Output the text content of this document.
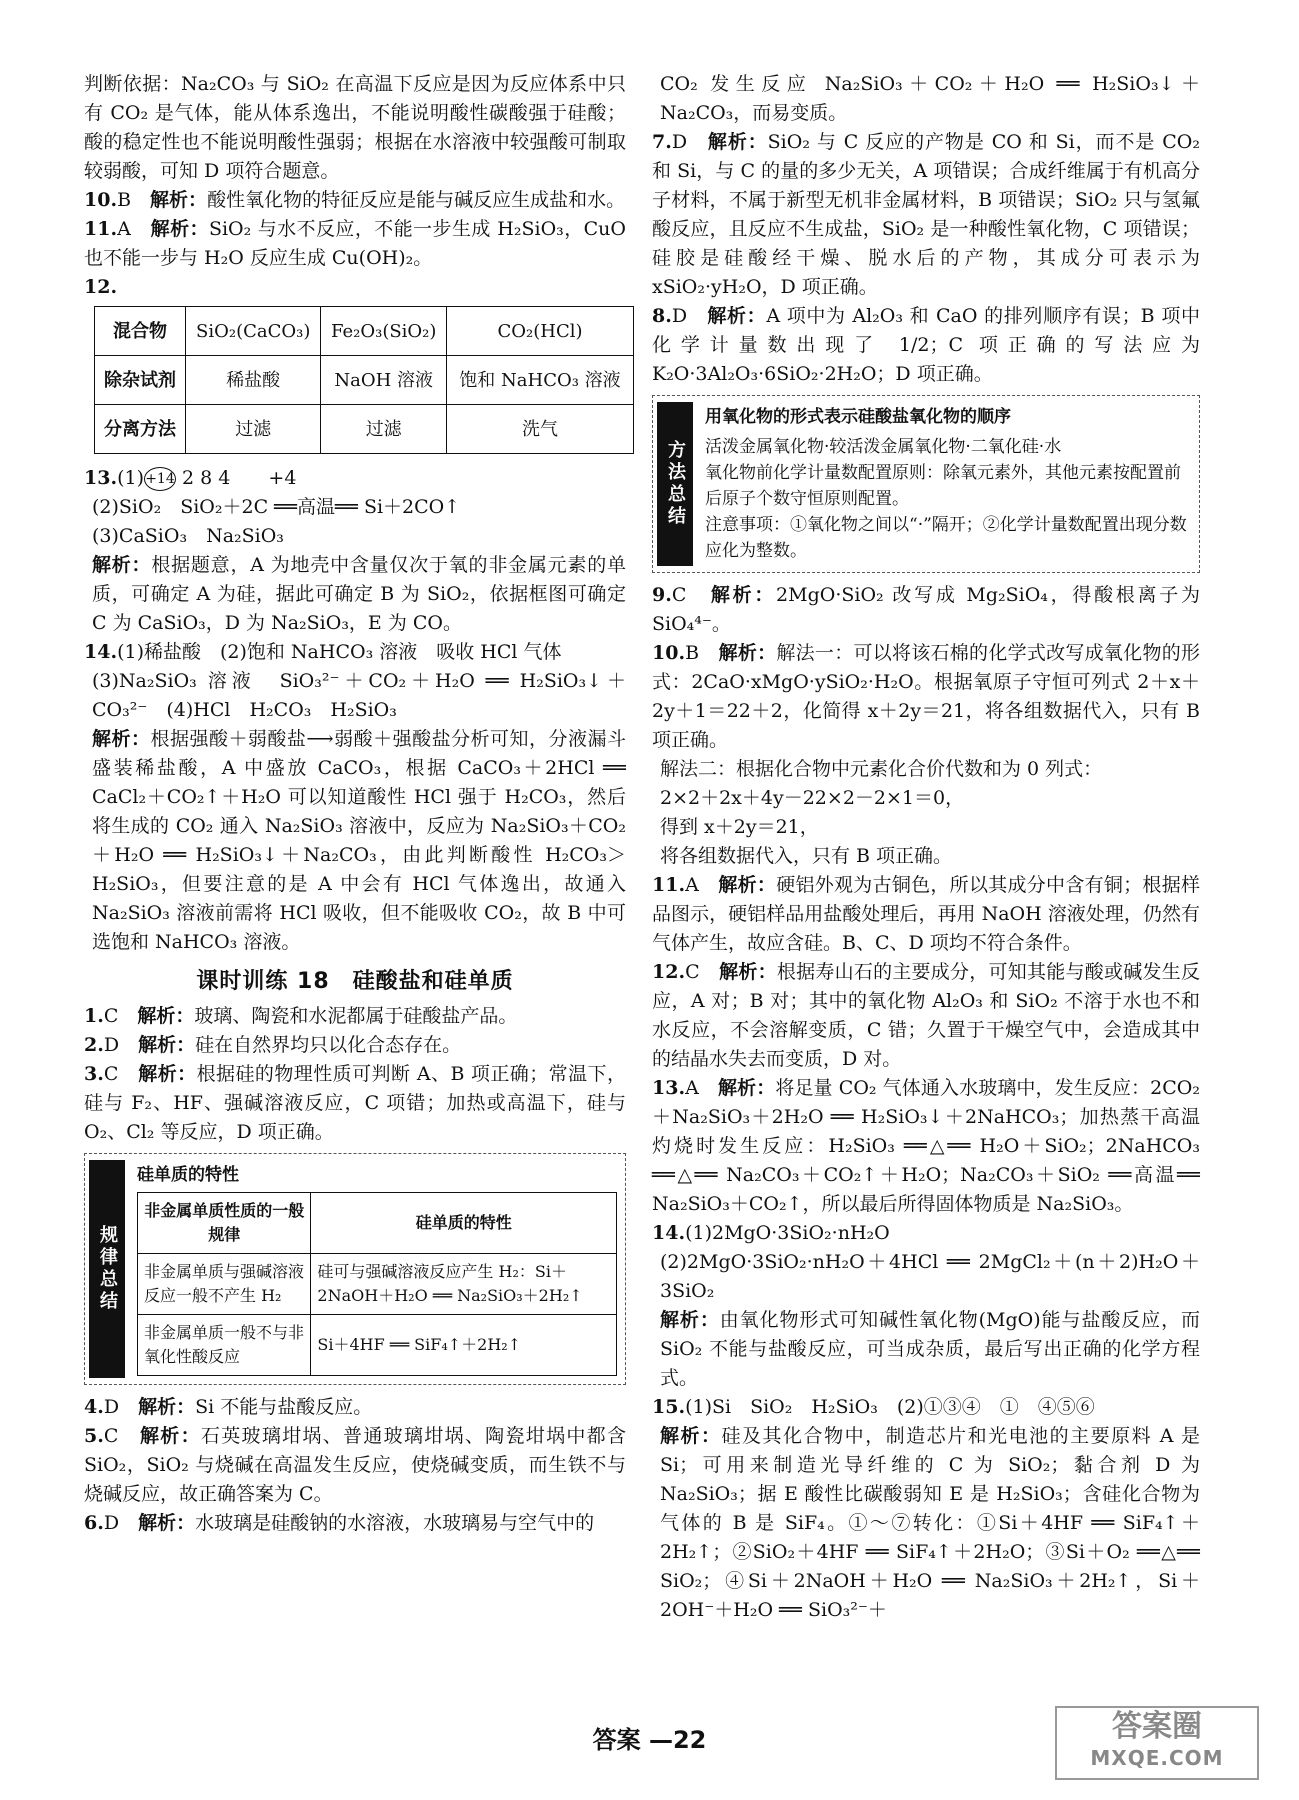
判断依据：Na₂CO₃ 与 SiO₂ 在高温下反应是因为反应体系中只有 CO₂ 是气体，能从体系逸出，不能说明酸性碳酸强于硅酸；酸的稳定性也不能说明酸性强弱；根据在水溶液中较强酸可制取较弱酸，可知 D 项符合题意。

10.B　 解析：酸性氧化物的特征反应是能与碱反应生成盐和水。

11.A　 解析：SiO₂ 与水不反应，不能一步生成 H₂SiO₃，CuO 也不能一步与 H₂O 反应生成 Cu(OH)₂。

12.

混合物	SiO₂(CaCO₃)	Fe₂O₃(SiO₂)	CO₂(HCl)
除杂试剂	稀盐酸	NaOH 溶液	饱和 NaHCO₃ 溶液
分离方法	过滤	过滤	洗气

13.(1)+14 2 8 4　　 +4

(2)SiO₂　SiO₂＋2C ══高温══ Si＋2CO↑

(3)CaSiO₃　Na₂SiO₃

解析：根据题意，A 为地壳中含量仅次于氧的非金属元素的单质，可确定 A 为硅，据此可确定 B 为 SiO₂，依据框图可确定 C 为 CaSiO₃，D 为 Na₂SiO₃，E 为 CO。

14.(1)稀盐酸　(2)饱和 NaHCO₃ 溶液　吸收 HCl 气体

(3)Na₂SiO₃ 溶液　SiO₃²⁻＋CO₂＋H₂O ══ H₂SiO₃↓＋CO₃²⁻　(4)HCl　H₂CO₃　H₂SiO₃

解析：根据强酸＋弱酸盐⟶弱酸＋强酸盐分析可知，分液漏斗盛装稀盐酸，A 中盛放 CaCO₃，根据 CaCO₃＋2HCl ══ CaCl₂＋CO₂↑＋H₂O 可以知道酸性 HCl 强于 H₂CO₃，然后将生成的 CO₂ 通入 Na₂SiO₃ 溶液中，反应为 Na₂SiO₃＋CO₂＋H₂O ══ H₂SiO₃↓＋Na₂CO₃，由此判断酸性 H₂CO₃＞H₂SiO₃，但要注意的是 A 中会有 HCl 气体逸出，故通入 Na₂SiO₃ 溶液前需将 HCl 吸收，但不能吸收 CO₂，故 B 中可选饱和 NaHCO₃ 溶液。

课时训练 18　硅酸盐和硅单质

1.C　 解析：玻璃、陶瓷和水泥都属于硅酸盐产品。

2.D　 解析：硅在自然界均只以化合态存在。

3.C　 解析：根据硅的物理性质可判断 A、B 项正确；常温下，硅与 F₂、HF、强碱溶液反应，C 项错；加热或高温下，硅与 O₂、Cl₂ 等反应，D 项正确。

规律总结
硅单质的特性
非金属单质性质的一般规律	硅单质的特性
非金属单质与强碱溶液反应一般不产生 H₂	硅可与强碱溶液反应产生 H₂：Si＋2NaOH＋H₂O ══ Na₂SiO₃＋2H₂↑
非金属单质一般不与非氧化性酸反应	Si＋4HF ══ SiF₄↑＋2H₂↑

4.D　 解析：Si 不能与盐酸反应。

5.C　 解析：石英玻璃坩埚、普通玻璃坩埚、陶瓷坩埚中都含 SiO₂，SiO₂ 与烧碱在高温发生反应，使烧碱变质，而生铁不与烧碱反应，故正确答案为 C。

6.D　 解析：水玻璃是硅酸钠的水溶液，水玻璃易与空气中的

CO₂ 发生反应 Na₂SiO₃＋CO₂＋H₂O ══ H₂SiO₃↓＋Na₂CO₃，而易变质。

7.D　 解析：SiO₂ 与 C 反应的产物是 CO 和 Si，而不是 CO₂ 和 Si，与 C 的量的多少无关，A 项错误；合成纤维属于有机高分子材料，不属于新型无机非金属材料，B 项错误；SiO₂ 只与氢氟酸反应，且反应不生成盐，SiO₂ 是一种酸性氧化物，C 项错误；硅胶是硅酸经干燥、脱水后的产物，其成分可表示为 xSiO₂·yH₂O，D 项正确。

8.D　 解析：A 项中为 Al₂O₃ 和 CaO 的排列顺序有误；B 项中化学计量数出现了 1/2；C 项正确的写法应为 K₂O·3Al₂O₃·6SiO₂·2H₂O；D 项正确。

方法总结
用氧化物的形式表示硅酸盐氧化物的顺序
活泼金属氧化物·较活泼金属氧化物·二氧化硅·水
氧化物前化学计量数配置原则：除氧元素外，其他元素按配置前后原子个数守恒原则配置。
注意事项：①氧化物之间以“·”隔开；②化学计量数配置出现分数应化为整数。

9.C　 解析：2MgO·SiO₂ 改写成 Mg₂SiO₄，得酸根离子为 SiO₄⁴⁻。

10.B　 解析：解法一：可以将该石棉的化学式改写成氧化物的形式：2CaO·xMgO·ySiO₂·H₂O。根据氧原子守恒可列式 2＋x＋2y＋1＝22＋2，化简得 x＋2y＝21，将各组数据代入，只有 B 项正确。

解法二：根据化合物中元素化合价代数和为 0 列式：

2×2＋2x＋4y－22×2－2×1＝0，

得到 x＋2y＝21，

将各组数据代入，只有 B 项正确。

11.A　 解析：硬铝外观为古铜色，所以其成分中含有铜；根据样品图示，硬铝样品用盐酸处理后，再用 NaOH 溶液处理，仍然有气体产生，故应含硅。B、C、D 项均不符合条件。

12.C　 解析：根据寿山石的主要成分，可知其能与酸或碱发生反应，A 对；B 对；其中的氧化物 Al₂O₃ 和 SiO₂ 不溶于水也不和水反应，不会溶解变质，C 错；久置于干燥空气中，会造成其中的结晶水失去而变质，D 对。

13.A　 解析：将足量 CO₂ 气体通入水玻璃中，发生反应：2CO₂＋Na₂SiO₃＋2H₂O ══ H₂SiO₃↓＋2NaHCO₃；加热蒸干高温灼烧时发生反应：H₂SiO₃ ══△══ H₂O＋SiO₂；2NaHCO₃ ══△══ Na₂CO₃＋CO₂↑＋H₂O；Na₂CO₃＋SiO₂ ══高温══ Na₂SiO₃＋CO₂↑，所以最后所得固体物质是 Na₂SiO₃。

14.(1)2MgO·3SiO₂·nH₂O

(2)2MgO·3SiO₂·nH₂O＋4HCl ══ 2MgCl₂＋(n＋2)H₂O＋3SiO₂

解析：由氧化物形式可知碱性氧化物(MgO)能与盐酸反应，而 SiO₂ 不能与盐酸反应，可当成杂质，最后写出正确的化学方程式。

15.(1)Si　SiO₂　H₂SiO₃　(2)①③④　①　④⑤⑥

解析：硅及其化合物中，制造芯片和光电池的主要原料 A 是 Si；可用来制造光导纤维的 C 为 SiO₂；黏合剂 D 为 Na₂SiO₃；据 E 酸性比碳酸弱知 E 是 H₂SiO₃；含硅化合物为气体的 B 是 SiF₄。①～⑦转化：①Si＋4HF ══ SiF₄↑＋2H₂↑；②SiO₂＋4HF ══ SiF₄↑＋2H₂O；③Si＋O₂ ══△══ SiO₂；④Si＋2NaOH＋H₂O ══ Na₂SiO₃＋2H₂↑，Si＋2OH⁻＋H₂O ══ SiO₃²⁻＋

答案 —22	答案圈
MXQE.COM
